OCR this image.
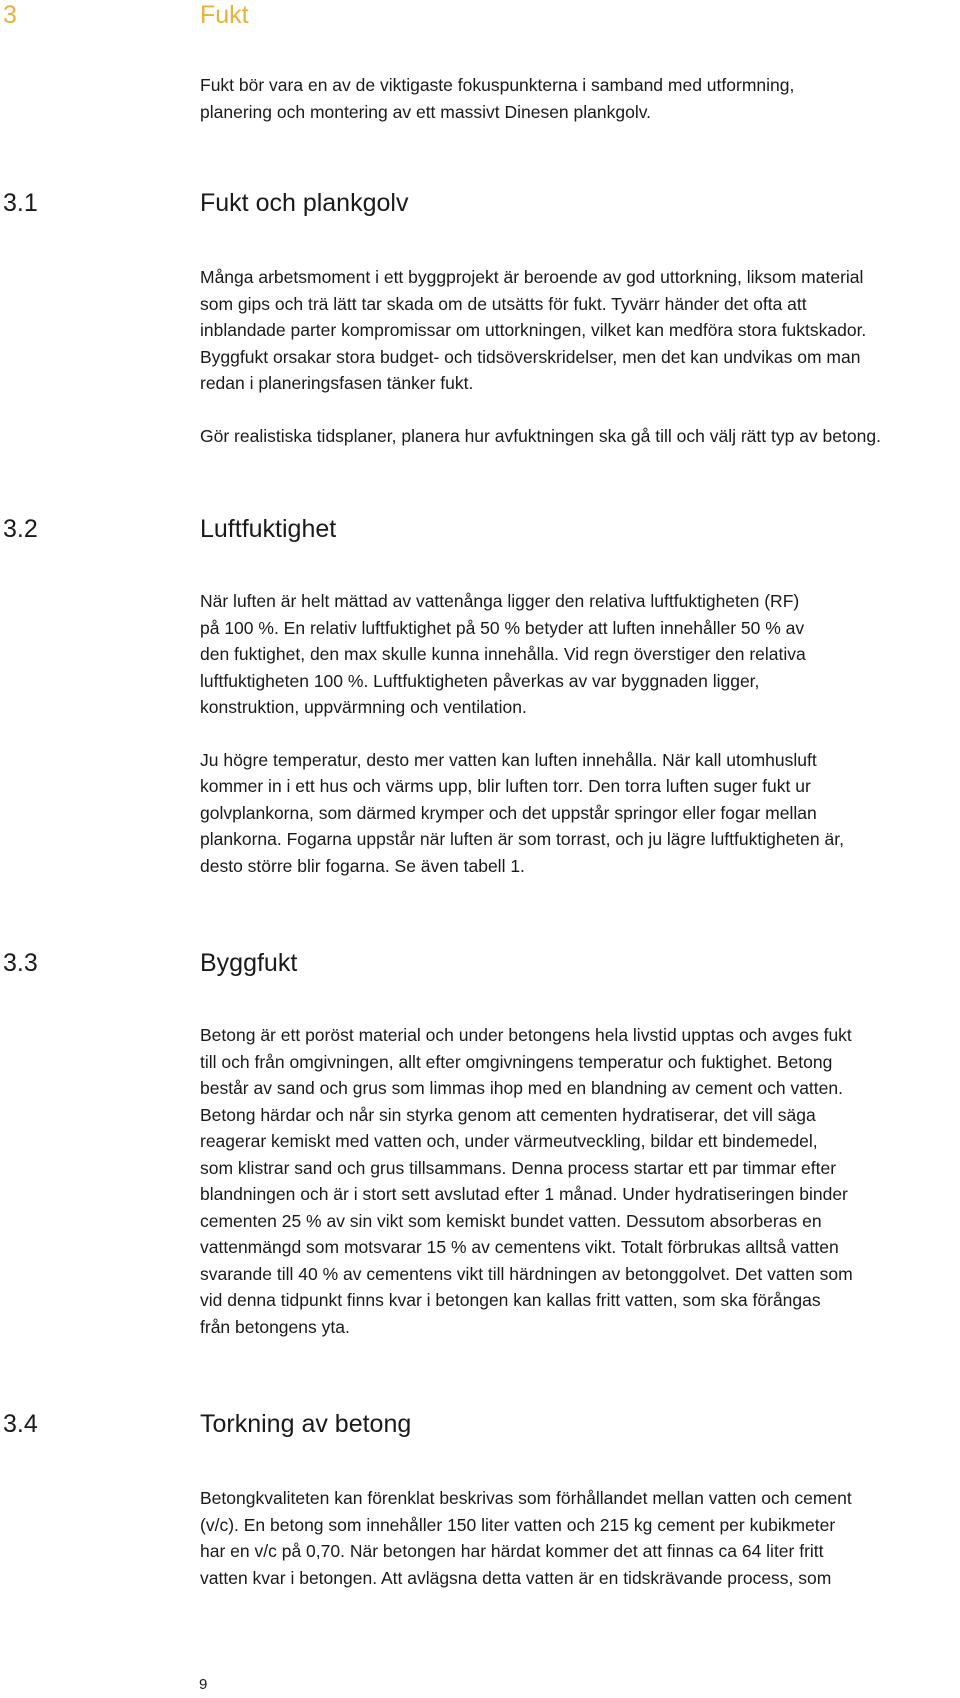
3	Fukt

Fukt bör vara en av de viktigaste fokuspunkterna i samband med utformning,
planering och montering av ett massivt Dinesen plankgolv.

3.1	Fukt och plankgolv

Många arbetsmoment i ett byggprojekt är beroende av god uttorkning, liksom material
som gips och trä lätt tar skada om de utsätts för fukt. Tyvärr händer det ofta att
inblandade parter kompromissar om uttorkningen, vilket kan medföra stora fuktskador.
Byggfukt orsakar stora budget- och tidsöverskridelser, men det kan undvikas om man
redan i planeringsfasen tänker fukt.

Gör realistiska tidsplaner, planera hur avfuktningen ska gå till och välj rätt typ av betong.

3.2	Luftfuktighet

När luften är helt mättad av vattenånga ligger den relativa luftfuktigheten (RF)
på 100 %. En relativ luftfuktighet på 50 % betyder att luften innehåller 50 % av
den fuktighet, den max skulle kunna innehålla. Vid regn överstiger den relativa
luftfuktigheten 100 %. Luftfuktigheten påverkas av var byggnaden ligger,
konstruktion, uppvärmning och ventilation.

Ju högre temperatur, desto mer vatten kan luften innehålla. När kall utomhusluft
kommer in i ett hus och värms upp, blir luften torr. Den torra luften suger fukt ur
golvplankorna, som därmed krymper och det uppstår springor eller fogar mellan
plankorna. Fogarna uppstår när luften är som torrast, och ju lägre luftfuktigheten är,
desto större blir fogarna. Se även tabell 1.

3.3	Byggfukt

Betong är ett poröst material och under betongens hela livstid upptas och avges fukt
till och från omgivningen, allt efter omgivningens temperatur och fuktighet. Betong
består av sand och grus som limmas ihop med en blandning av cement och vatten.
Betong härdar och når sin styrka genom att cementen hydratiserar, det vill säga
reagerar kemiskt med vatten och, under värmeutveckling, bildar ett bindemedel,
som klistrar sand och grus tillsammans. Denna process startar ett par timmar efter
blandningen och är i stort sett avslutad efter 1 månad. Under hydratiseringen binder
cementen 25 % av sin vikt som kemiskt bundet vatten. Dessutom absorberas en
vattenmängd som motsvarar 15 % av cementens vikt. Totalt förbrukas alltså vatten
svarande till 40 % av cementens vikt till härdningen av betonggolvet. Det vatten som
vid denna tidpunkt finns kvar i betongen kan kallas fritt vatten, som ska förångas
från betongens yta.

3.4	Torkning av betong

Betongkvaliteten kan förenklat beskrivas som förhållandet mellan vatten och cement
(v/c). En betong som innehåller 150 liter vatten och 215 kg cement per kubikmeter
har en v/c på 0,70. När betongen har härdat kommer det att finnas ca 64 liter fritt
vatten kvar i betongen. Att avlägsna detta vatten är en tidskrävande process, som

9
